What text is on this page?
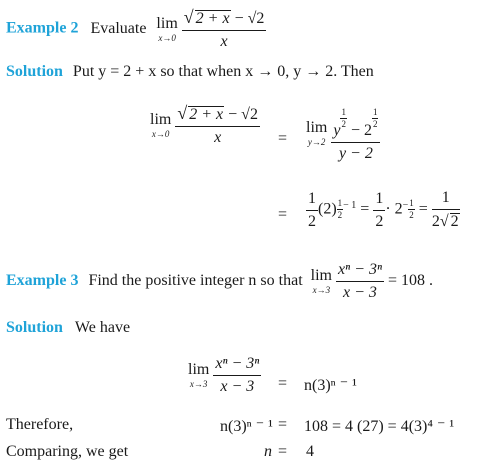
Example 2 Evaluate lim
x→0
$\frac{√ 2 + x - √2}{x}$
Solution Put y = 2 + x so that when x → 0, y → 2. Then
lim
x→0
$\frac{√ 2 + x - √2}{x}$ =
lim
y→2
y
$\frac{1}{2}$
− 2
$\frac{1}{2}$
y − 2
= $\frac{1}{2} (2) \frac{1}{2} ^{- 1} = \frac{1}{2} \cdot 2^- \frac{1}{2} = \frac{1}{2√ 2}$
Example 3 Find the positive integer n so that lim
x→3
$\frac{\text{xⁿ − 3ⁿ}}{x - 3} = 108$ .
Solution We have
lim
x→3
$\frac{\text{xⁿ − 3ⁿ}}{x - 3} = n(3)^n$ ⁻ ¹
Therefore,	n(3)ⁿ ⁻ ¹ = 108 = 4 (27) = 4(3)⁴ ⁻ ¹
Comparing, we get	n = 4
